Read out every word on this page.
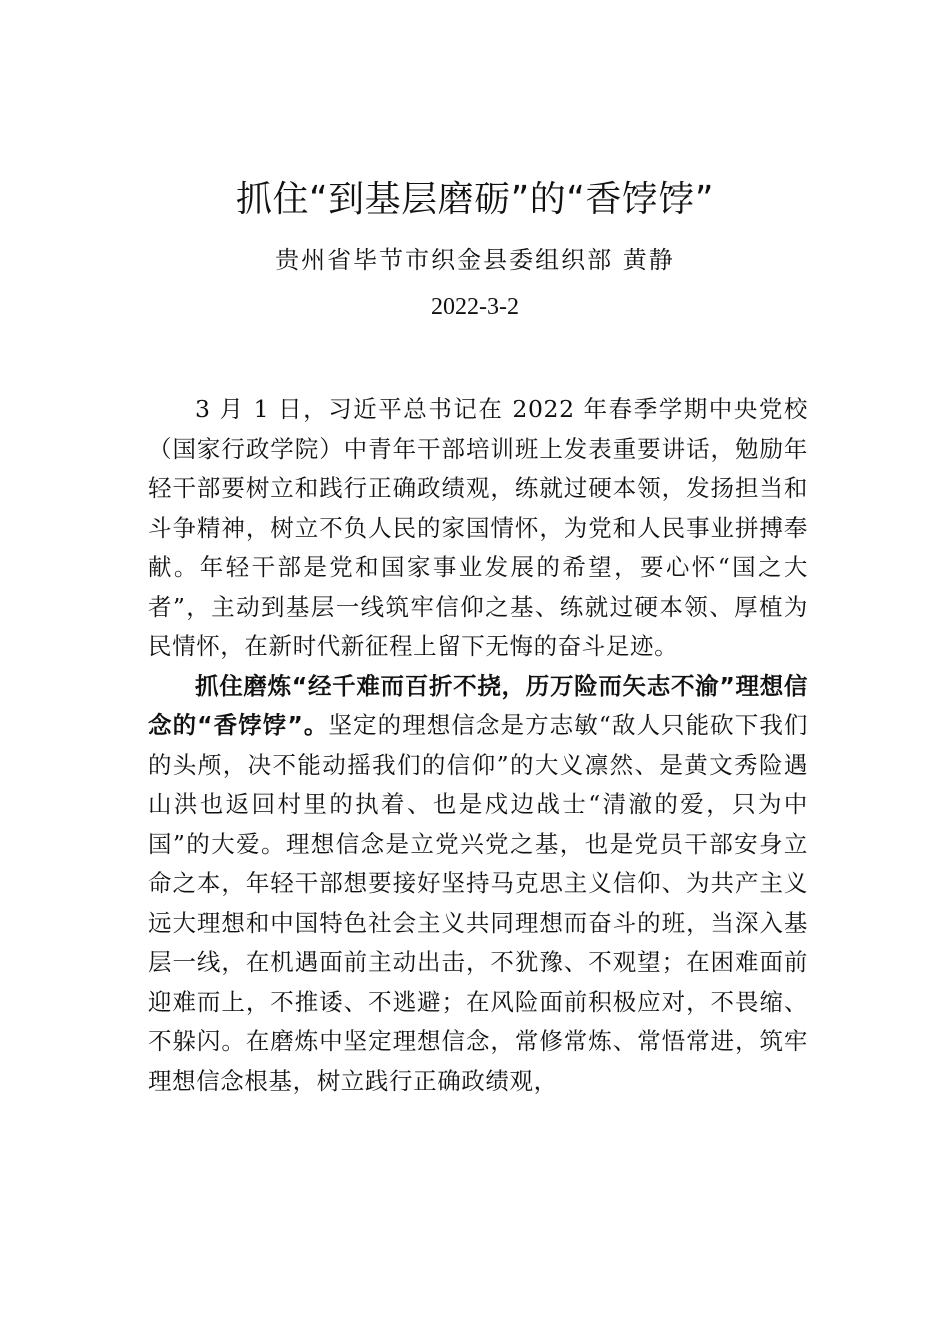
抓住“到基层磨砺”的“香饽饽”
贵州省毕节市织金县委组织部 黄静
2022-3-2

3 月 1 日，习近平总书记在 2022 年春季学期中央党校（国家行政学院）中青年干部培训班上发表重要讲话，勉励年轻干部要树立和践行正确政绩观，练就过硬本领，发扬担当和斗争精神，树立不负人民的家国情怀，为党和人民事业拼搏奉献。年轻干部是党和国家事业发展的希望，要心怀“国之大者”，主动到基层一线筑牢信仰之基、练就过硬本领、厚植为民情怀，在新时代新征程上留下无悔的奋斗足迹。

抓住磨炼“经千难而百折不挠，历万险而矢志不渝”理想信念的“香饽饽”。坚定的理想信念是方志敏“敌人只能砍下我们的头颅，决不能动摇我们的信仰”的大义凛然、是黄文秀险遇山洪也返回村里的执着、也是戍边战士“清澈的爱，只为中国”的大爱。理想信念是立党兴党之基，也是党员干部安身立命之本，年轻干部想要接好坚持马克思主义信仰、为共产主义远大理想和中国特色社会主义共同理想而奋斗的班，当深入基层一线，在机遇面前主动出击，不犹豫、不观望；在困难面前迎难而上，不推诿、不逃避；在风险面前积极应对，不畏缩、不躲闪。在磨炼中坚定理想信念，常修常炼、常悟常进，筑牢理想信念根基，树立践行正确政绩观，
